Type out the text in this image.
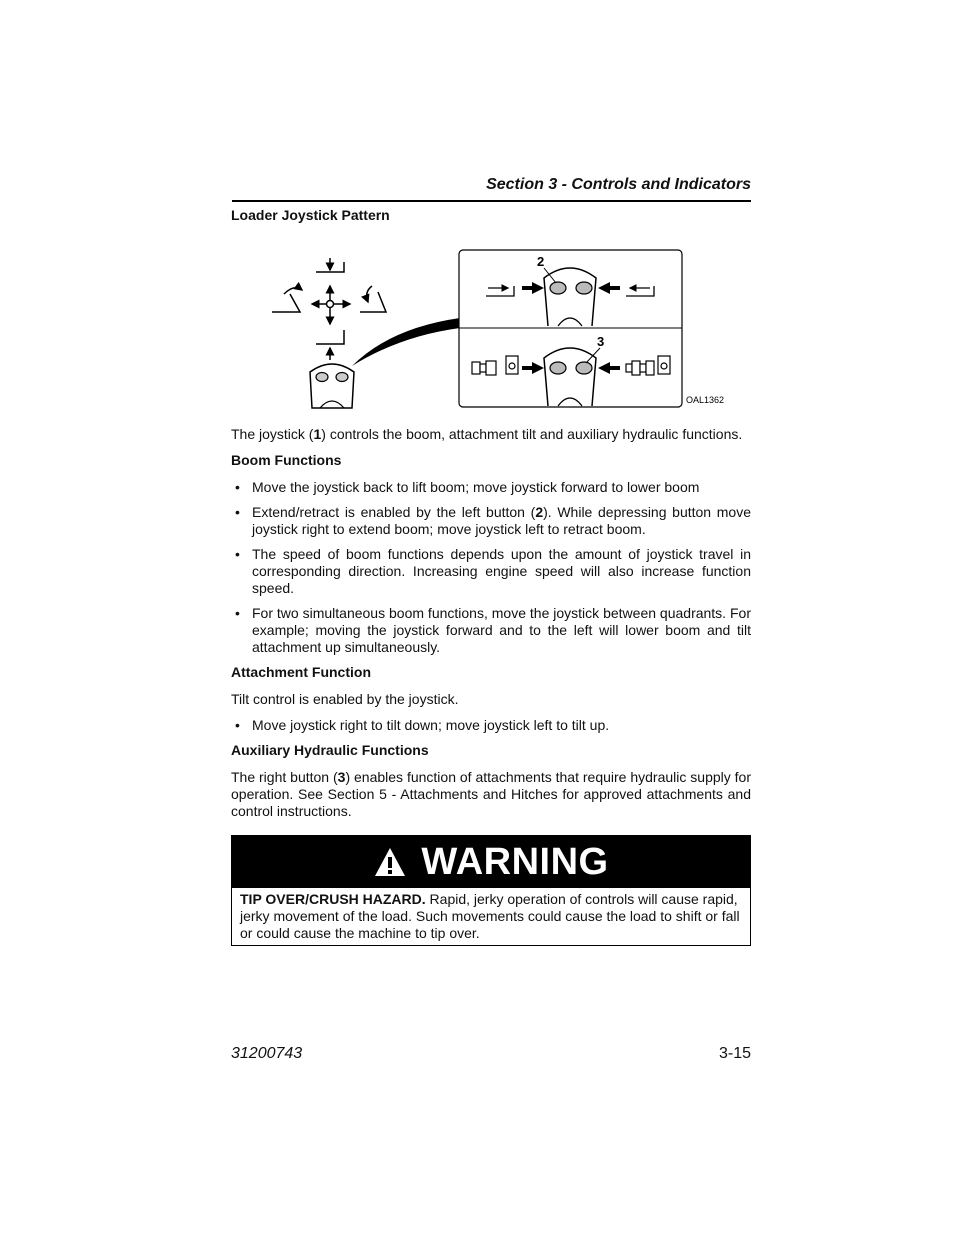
Section 3 - Controls and Indicators
Loader Joystick Pattern
2
3
OAL1362
The joystick (1) controls the boom, attachment tilt and auxiliary hydraulic functions.
Boom Functions
• Move the joystick back to lift boom; move joystick forward to lower boom
• Extend/retract is enabled by the left button (2). While depressing button move joystick right to extend boom; move joystick left to retract boom.
• The speed of boom functions depends upon the amount of joystick travel in corresponding direction. Increasing engine speed will also increase function speed.
• For two simultaneous boom functions, move the joystick between quadrants. For example; moving the joystick forward and to the left will lower boom and tilt attachment up simultaneously.
Attachment Function
Tilt control is enabled by the joystick.
• Move joystick right to tilt down; move joystick left to tilt up.
Auxiliary Hydraulic Functions
The right button (3) enables function of attachments that require hydraulic supply for operation. See Section 5 - Attachments and Hitches for approved attachments and control instructions.
WARNING
TIP OVER/CRUSH HAZARD. Rapid, jerky operation of controls will cause rapid, jerky movement of the load. Such movements could cause the load to shift or fall or could cause the machine to tip over.
31200743	3-15
